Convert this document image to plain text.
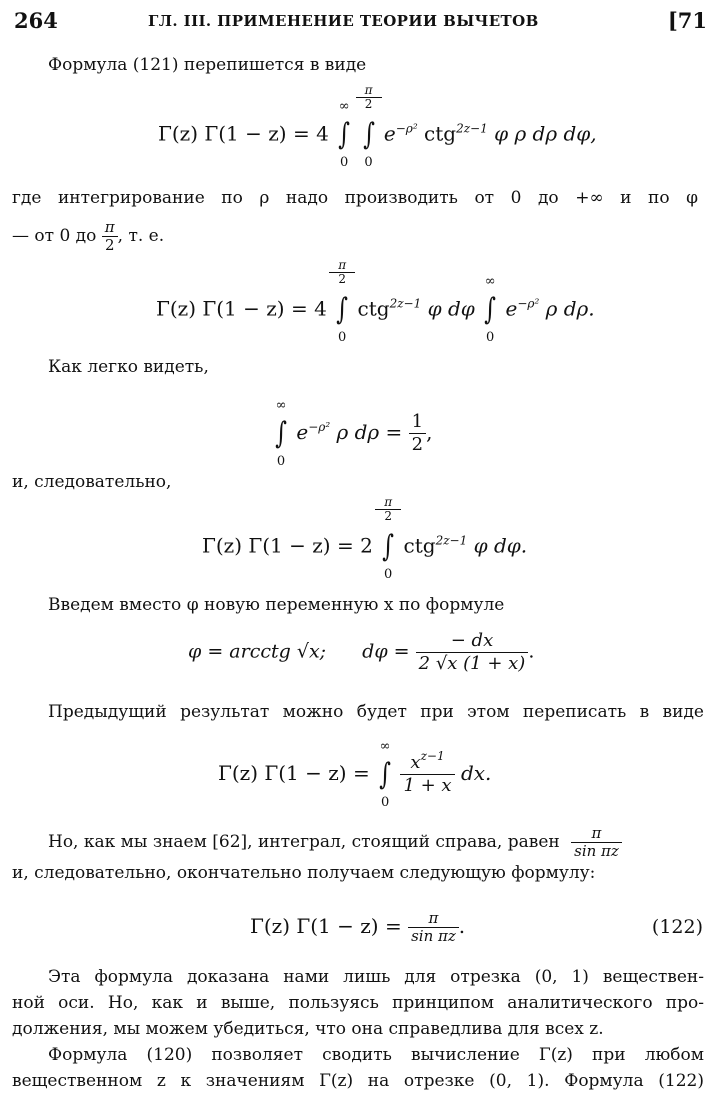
264	ГЛ. III. ПРИМЕНЕНИЕ ТЕОРИИ ВЫЧЕТОВ	[71
Формула (121) перепишется в виде
Γ(z) Γ(1 − z) = 4
∞
∫
0

π
2
∫
0
$e^{-\rho^2}$ ctg$^{2z-1}$ φ ρ dρ dφ,
где интегрирование по ρ надо производить от 0 до +∞ и по φ
— от 0 до $\frac{\pi}{2}$ , т. е.
Γ(z) Γ(1 − z) = 4
π
2
∫
0
ctg$^{2z-1}$ φ dφ
∞
∫
0
$e^{-\rho^2}$ ρ dρ.
Как легко видеть,
∞
∫
0
$e^{-\rho^2}$ ρ $d\rho = \frac{1}{2}$ ,
и, следовательно,
Γ(z) Γ(1 − z) = 2
π
2
∫
0
ctg$^{2z-1}$ φ dφ.
Введем вместо φ новую переменную x по формуле
φ = arcctg √x; $d\varphi = \frac{- dx}{2 √x (1 + x)}$ .
Предыдущий результат можно будет при этом переписать в виде
Γ(z) Γ(1 − z) =
∞
∫
0

$\frac{x^{z-1}}{1 + x}$ dx.
Но, как мы знаем [62], интеграл, стоящий справа, равен $\frac{\pi}{\text{sin πz}}$
и, следовательно, окончательно получаем следующую формулу:
Γ(z) $\Gamma(1 - z) = \frac{\pi}{\text{sin πz}}$ .	(122)
Эта формула доказана нами лишь для отрезка (0, 1) веществен-
ной оси. Но, как и выше, пользуясь принципом аналитического про-
должения, мы можем убедиться, что она справедлива для всех z.
Формула (120) позволяет сводить вычисление Γ(z) при любом
вещественном z к значениям Γ(z) на отрезке (0, 1). Формула (122)
